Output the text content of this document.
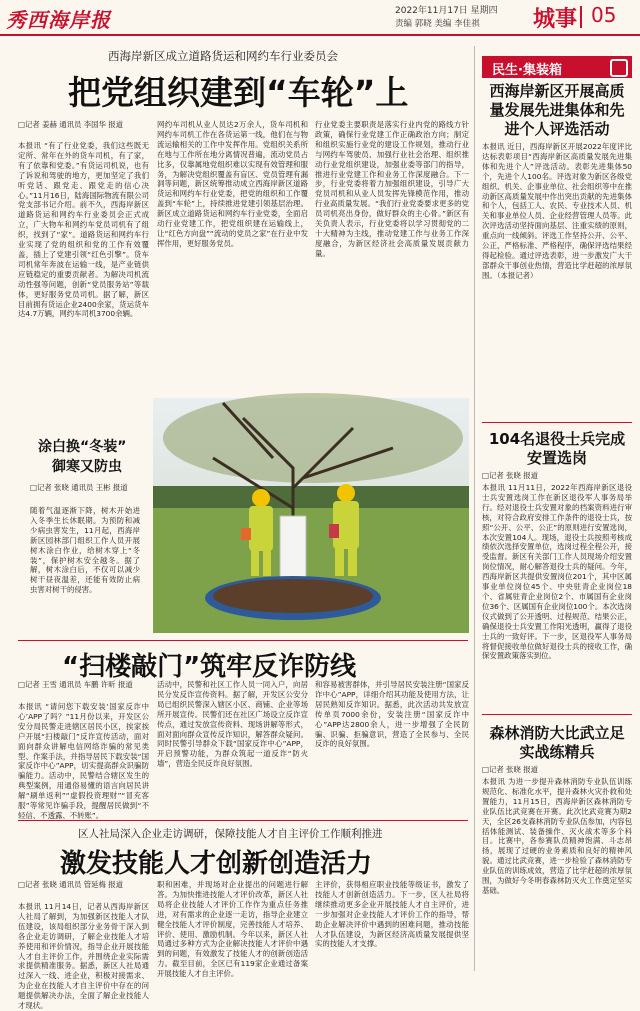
秀西海岸报	2022年11月17日 星期四
责编 郭晓 美编 李佳祺 城事 05
西海岸新区成立道路货运和网约车行业委员会
把党组织建到“车轮”上
□记者 姜赫 通讯员 李国华 报道
本报讯 “有了行业党委，我们这些既无定所、常年在外的货车司机，有了家，有了依靠和党委。”有货运司机说，也有了诉说和驾驶的地方，更加坚定了我们听党话、跟党走、跟党走的信心决心。”11月16日，陆海国际物流有限公司党支部书记介绍。前不久，西海岸新区道路货运和网约车行业委员会正式成立，广大物车和网约车党员司机有了组织，找到了“家”。道路货运和网约车行业实现了党的组织和党的工作有效覆盖，插上了党建引领“红色引擎”。货车司机常年奔波在运输一线，是产业链供应链稳定的重要贡献者。为解决司机流动性强等问题，创新“党员服务站”等载体，更好服务党员司机。据了解，新区目前拥有货运企业2400余家，货运货车达4.7万辆，网约车司机3700余辆。
网约车司机从业人员达2万余人，货车司机和网约车司机工作在各货运第一线，他们在与物流运输相关的工作中发挥作用。党组织关系所在地与工作所在地分离情况普遍，流动党员占比多，仅靠属地党组织难以实现有效管理和服务，为解决党组织覆盖有盲区、党员管理有漏洞等问题，新区统筹推动成立西海岸新区道路货运和网约车行业党委，把党的组织和工作覆盖到“车轮”上，持续推进党建引领基层治理。新区成立道路货运和网约车行业党委，全面启动行业党建工作，把党组织建在运输线上，让“红色方向盘”“流动的党员之家”在行业中发挥作用，更好服务党员。
行业党委主要职责是落实行业内党的路线方针政策，确保行业党建工作正确政治方向；制定和组织实施行业党的建设工作规划，推动行业与网约车驾驶员、加强行业社会治理、组织推动行业党组织建设，加强业委等部门的指导，推进行业党建工作和业务工作深度融合。下一步，行业党委将着力加强组织建设，引导广大党员司机和从业人员发挥先锋模范作用，推动行业高质量发展。“我们行业党委要求更多的党员司机亮出身份，做好群众的主心骨。”新区有关负责人表示，行业党委将以学习贯彻党的二十大精神为主线，推动党建工作与业务工作深度融合，为新区经济社会高质量发展贡献力量。
民生·集装箱
西海岸新区开展高质量发展先进集体和先进个人评选活动
本报讯 近日，西海岸新区开展2022年度评比达标表彰项目“西海岸新区高质量发展先进集体和先进个人”评选活动。表彰先进集体50个，先进个人100名。评选对象为新区各级党组织、机关、企事业单位、社会组织等中在推动新区高质量发展中作出突出贡献的先进集体和个人，包括工人、农民、专业技术人员、机关和事业单位人员、企业经营管理人员等。此次评选活动坚持面向基层、注重实绩的原则，重点向一线倾斜。评选工作坚持公开、公平、公正，严格标准、严格程序，确保评选结果经得起检验。通过评选表彰，进一步激发广大干部群众干事创业热情，营造比学赶超的浓厚氛围。（本报记者）
104名退役士兵完成安置选岗
□记者 张晓 报道
本报讯 11月11日，2022年西海岸新区退役士兵安置选岗工作在新区退役军人事务局举行。经对退役士兵安置对象的档案资料进行审核，对符合政府安排工作条件的退役士兵，按照“公开、公平、公正”的原则进行安置选岗，本次安置104人。现场，退役士兵按照考核成绩依次选择安置单位，选岗过程全程公开，接受监督。新区有关部门工作人员现场介绍安置岗位情况，耐心解答退役士兵的疑问。今年，西海岸新区共提供安置岗位201个，其中区属事业单位岗位45个、中央驻青企业岗位18个、省属驻青企业岗位2个、市属国有企业岗位36个、区属国有企业岗位100个。本次选岗仪式做到了公开透明、过程规范、结果公正，确保退役士兵安置工作阳光透明，赢得了退役士兵的一致好评。下一步，区退役军人事务局将督促接收单位做好退役士兵的接收工作，确保安置政策落实到位。
森林消防大比武立足实战练精兵
□记者 张晓 报道
本报讯 为进一步提升森林消防专业队伍训练规范化、标准化水平，提升森林火灾扑救和处置能力，11月15日，西海岸新区森林消防专业队伍比武竞赛在开赛。此次比武竞赛为期2天，全区26支森林消防专业队伍参加，内容包括体能测试、装备操作、灭火战术等多个科目。比赛中，各参赛队员精神饱满、斗志昂扬，展现了过硬的业务素质和良好的精神风貌。通过比武竞赛，进一步检验了森林消防专业队伍的训练成效，营造了比学赶超的浓厚氛围，为做好今冬明春森林防灭火工作奠定坚实基础。
涂白换“冬装”
御寒又防虫
□记者 张晓 通讯员 王彬 报道
随着气温逐渐下降，树木开始进入冬季生长休眠期。为预防和减少病虫害发生，11月起，西海岸新区园林部门组织工作人员开展树木涂白作业，给树木穿上“冬装”，保护树木安全越冬。据了解，树木涂白后，不仅可以减少树干昼夜温差，还能有效防止病虫害对树干的侵害。
“扫楼敲门”筑牢反诈防线
□记者 王雪 通讯员 车鹏 许昕 报道
本报讯 “请问您下载安装‘国家反诈中心’APP了吗？”11月份以来，开发区公安分局民警走进辖区居民小区，挨家挨户开展“扫楼敲门”反诈宣传活动，面对面向群众讲解电信网络诈骗的常见类型、作案手法，并指导居民下载安装“国家反诈中心”APP，切实提高群众识骗防骗能力。活动中，民警结合辖区发生的典型案例，用通俗易懂的语言向居民讲解“刷单返利”“虚假投资理财”“冒充客服”等常见诈骗手段，提醒居民做到“不轻信、不透露、不转账”。
活动中，民警和社区工作人员一同入户，向居民分发反诈宣传资料。据了解，开发区公安分局已组织民警深入辖区小区、商铺、企业等场所开展宣传。民警们还在社区广场设立反诈宣传点，通过发放宣传资料、现场讲解等形式，面对面向群众宣传反诈知识，解答群众疑问。同时民警引导群众下载“国家反诈中心”APP，开启预警功能，为群众筑起一道反诈“防火墙”，营造全民反诈良好氛围。
和容易被害群体，并引导居民安装注册“国家反诈中心”APP，详细介绍其功能及使用方法，让居民熟知反诈知识。据悉，此次活动共发放宣传单页7000余份，安装注册“国家反诈中心”APP达2800余人，进一步增强了全民防骗、识骗、拒骗意识，营造了全民参与、全民反诈的良好氛围。
区人社局深入企业走访调研，保障技能人才自主评价工作顺利推进
激发技能人才创新创造活力
□记者 张晓 通讯员 管延梅 报道
本报讯 11月14日，记者从西海岸新区人社局了解到，为加强新区技能人才队伍建设，该局组织部分业务骨干深入到各企业走访调研，了解企业技能人才培养使用和评价情况，指导企业开展技能人才自主评价工作，并围绕企业实际需求提供精准服务。据悉，新区人社局通过深入一线、进企业，积极对接需求、为企业在技能人才自主评价中存在的问题提供解决办法，全面了解企业技能人才现状。
职和困难，并现场对企业提出的问题进行解答。为加快推进技能人才评价改革，新区人社局将企业技能人才评价工作作为重点任务推进，对有需求的企业逐一走访，指导企业建立健全技能人才评价制度，完善技能人才培养、评价、使用、激励机制。今年以来，新区人社局通过多种方式为企业解决技能人才评价中遇到的问题，有效激发了技能人才的创新创造活力。截至目前，全区已有119家企业通过备案开展技能人才自主评价。
主评价，获得相应职业技能等级证书，激发了技能人才创新创造活力。下一步，区人社局将继续推动更多企业开展技能人才自主评价，进一步加强对企业技能人才评价工作的指导，帮助企业解决评价中遇到的困难问题，推动技能人才队伍建设，为新区经济高质量发展提供坚实的技能人才支撑。
